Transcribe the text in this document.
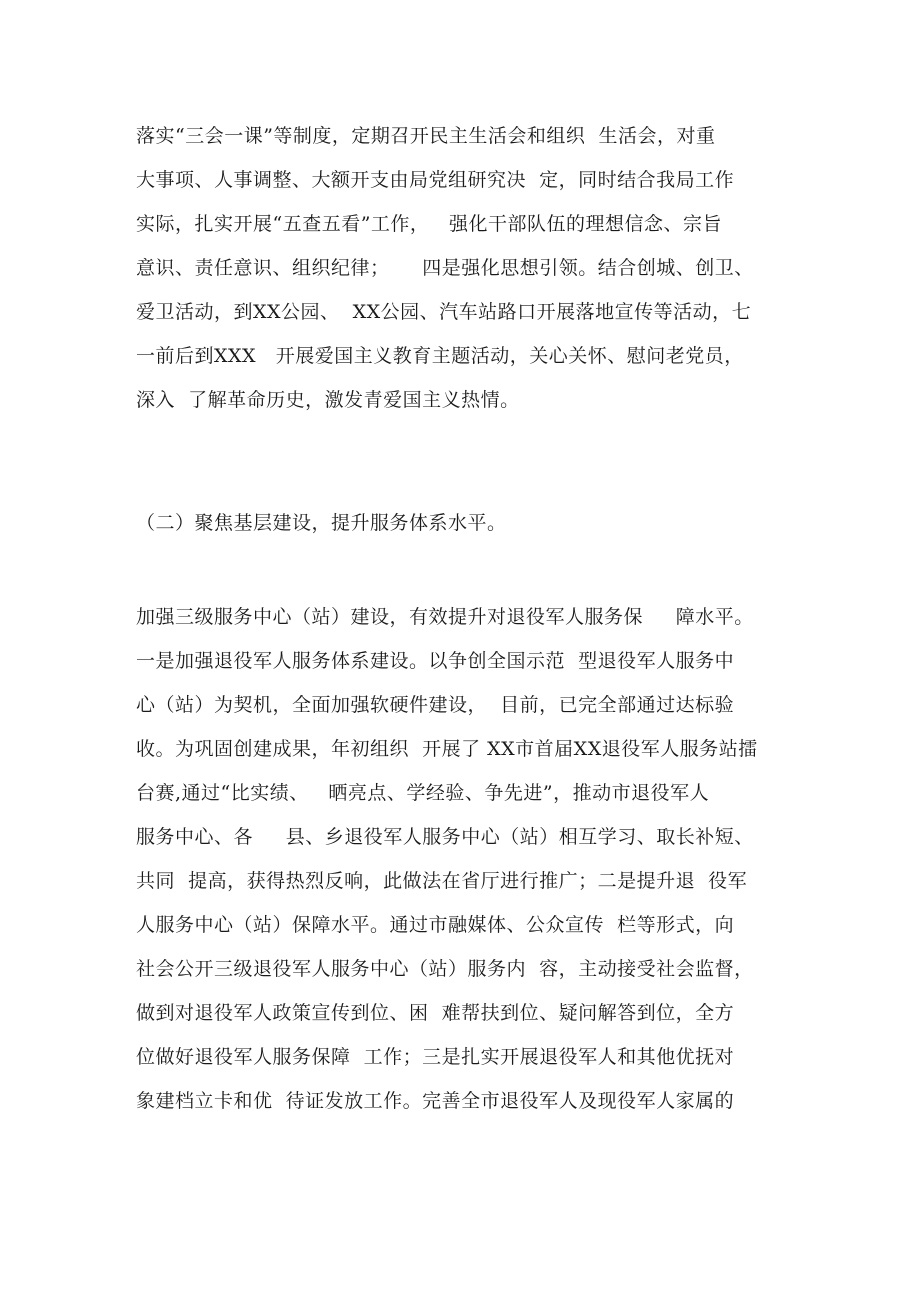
落实“三会一课”等制度，定期召开民主生活会和组织  生活会，对重
大事项、人事调整、大额开支由局党组研究决  定，同时结合我局工作
实际，扎实开展“五查五看”工作，   强化干部队伍的理想信念、宗旨
意识、责任意识、组织纪律；     四是强化思想引领。结合创城、创卫、
爱卫活动，到XX公园、  XX公园、汽车站路口开展落地宣传等活动，七
一前后到XXX   开展爱国主义教育主题活动，关心关怀、慰问老党员，
深入  了解革命历史，激发青爱国主义热情。
（二）聚焦基层建设，提升服务体系水平。
加强三级服务中心（站）建设，有效提升对退役军人服务保     障水平。
一是加强退役军人服务体系建设。以争创全国示范  型退役军人服务中
心（站）为契机，全面加强软硬件建设，  目前，已完全部通过达标验
收。为巩固创建成果，年初组织  开展了 XX市首届XX退役军人服务站擂
台赛,通过“比实绩、   晒亮点、学经验、争先进”，推动市退役军人
服务中心、各     县、乡退役军人服务中心（站）相互学习、取长补短、
共同  提高，获得热烈反响，此做法在省厅进行推广；二是提升退  役军
人服务中心（站）保障水平。通过市融媒体、公众宣传  栏等形式，向
社会公开三级退役军人服务中心（站）服务内  容，主动接受社会监督，
做到对退役军人政策宣传到位、困  难帮扶到位、疑问解答到位，全方
位做好退役军人服务保障  工作；三是扎实开展退役军人和其他优抚对
象建档立卡和优  待证发放工作。完善全市退役军人及现役军人家属的
